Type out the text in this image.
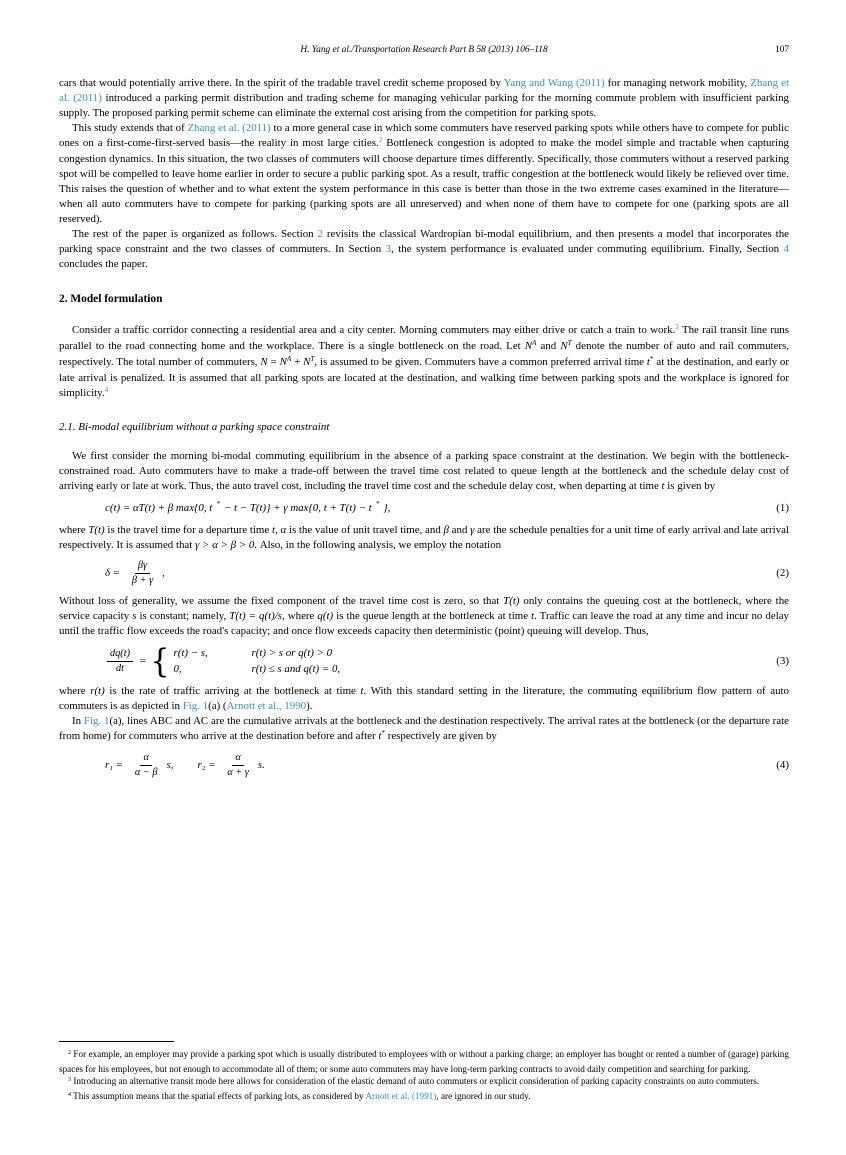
H. Yang et al./Transportation Research Part B 58 (2013) 106–118	107

cars that would potentially arrive there. In the spirit of the tradable travel credit scheme proposed by Yang and Wang (2011) for managing network mobility, Zhang et al. (2011) introduced a parking permit distribution and trading scheme for managing vehicular parking for the morning commute problem with insufficient parking supply. The proposed parking permit scheme can eliminate the external cost arising from the competition for parking spots.

This study extends that of Zhang et al. (2011) to a more general case in which some commuters have reserved parking spots while others have to compete for public ones on a first-come-first-served basis—the reality in most large cities.$^2$ Bottleneck congestion is adopted to make the model simple and tractable when capturing congestion dynamics. In this situation, the two classes of commuters will choose departure times differently. Specifically, those commuters without a reserved parking spot will be compelled to leave home earlier in order to secure a public parking spot. As a result, traffic congestion at the bottleneck would likely be relieved over time. This raises the question of whether and to what extent the system performance in this case is better than those in the two extreme cases examined in the literature—when all auto commuters have to compete for parking (parking spots are all unreserved) and when none of them have to compete for one (parking spots are all reserved).

The rest of the paper is organized as follows. Section 2 revisits the classical Wardropian bi-modal equilibrium, and then presents a model that incorporates the parking space constraint and the two classes of commuters. In Section 3, the system performance is evaluated under commuting equilibrium. Finally, Section 4 concludes the paper.

2. Model formulation

Consider a traffic corridor connecting a residential area and a city center. Morning commuters may either drive or catch a train to work.$^3$ The rail transit line runs parallel to the road connecting home and the workplace. There is a single bottleneck on the road. Let $N^A$ and $N^T$ denote the number of auto and rail commuters, respectively. The total number of commuters, $N = N^A + N^T$, is assumed to be given. Commuters have a common preferred arrival time t* at the destination, and early or late arrival is penalized. It is assumed that all parking spots are located at the destination, and walking time between parking spots and the workplace is ignored for simplicity.$^4$

2.1. Bi-modal equilibrium without a parking space constraint

We first consider the morning bi-modal commuting equilibrium in the absence of a parking space constraint at the destination. We begin with the bottleneck-constrained road. Auto commuters have to make a trade-off between the travel time cost related to queue length at the bottleneck and the schedule delay cost of arriving early or late at work. Thus, the auto travel cost, including the travel time cost and the schedule delay cost, when departing at time t is given by

c(t) = αT(t) + β max{0, t * − t − T(t)} + γ max{0, t + T(t) − t * },	(1)

where T(t) is the travel time for a departure time t, α is the value of unit travel time, and β and γ are the schedule penalties for a unit time of early arrival and late arrival respectively. It is assumed that γ > α > β > 0. Also, in the following analysis, we employ the notation

$\delta = \frac{\beta\gamma}{\beta + \gamma}$ ,	(2)

Without loss of generality, we assume the fixed component of the travel time cost is zero, so that T(t) only contains the queuing cost at the bottleneck, where the service capacity s is constant; namely, T(t) = q(t)/s, where q(t) is the queue length at the bottleneck at time t. Traffic can leave the road at any time and incur no delay until the traffic flow exceeds the road's capacity; and once flow exceeds capacity then deterministic (point) queuing will develop. Thus,

$\frac{dq(t)}{dt}$ =
{
r(t) − s,	r(t) > s or q(t) > 0
0,	r(t) ≤ s and q(t) = 0,
(3)

where r(t) is the rate of traffic arriving at the bottleneck at time t. With this standard setting in the literature, the commuting equilibrium flow pattern of auto commuters is as depicted in Fig. 1(a) (Arnott et al., 1990).

In Fig. 1(a), lines ABC and AC are the cumulative arrivals at the bottleneck and the destination respectively. The arrival rates at the bottleneck (or the departure rate from home) for commuters who arrive at the destination before and after t* respectively are given by

$r_1 = \frac{\alpha}{\alpha - \beta} s$, $r_2 = \frac{\alpha}{\alpha + \gamma} s$.	(4)

$^2$ For example, an employer may provide a parking spot which is usually distributed to employees with or without a parking charge; an employer has bought or rented a number of (garage) parking spaces for his employees, but not enough to accommodate all of them; or some auto commuters may have long-term parking contracts to avoid daily competition and searching for parking.

$^3$ Introducing an alternative transit mode here allows for consideration of the elastic demand of auto commuters or explicit consideration of parking capacity constraints on auto commuters.

$^4$ This assumption means that the spatial effects of parking lots, as considered by Arnott et al. (1991), are ignored in our study.
